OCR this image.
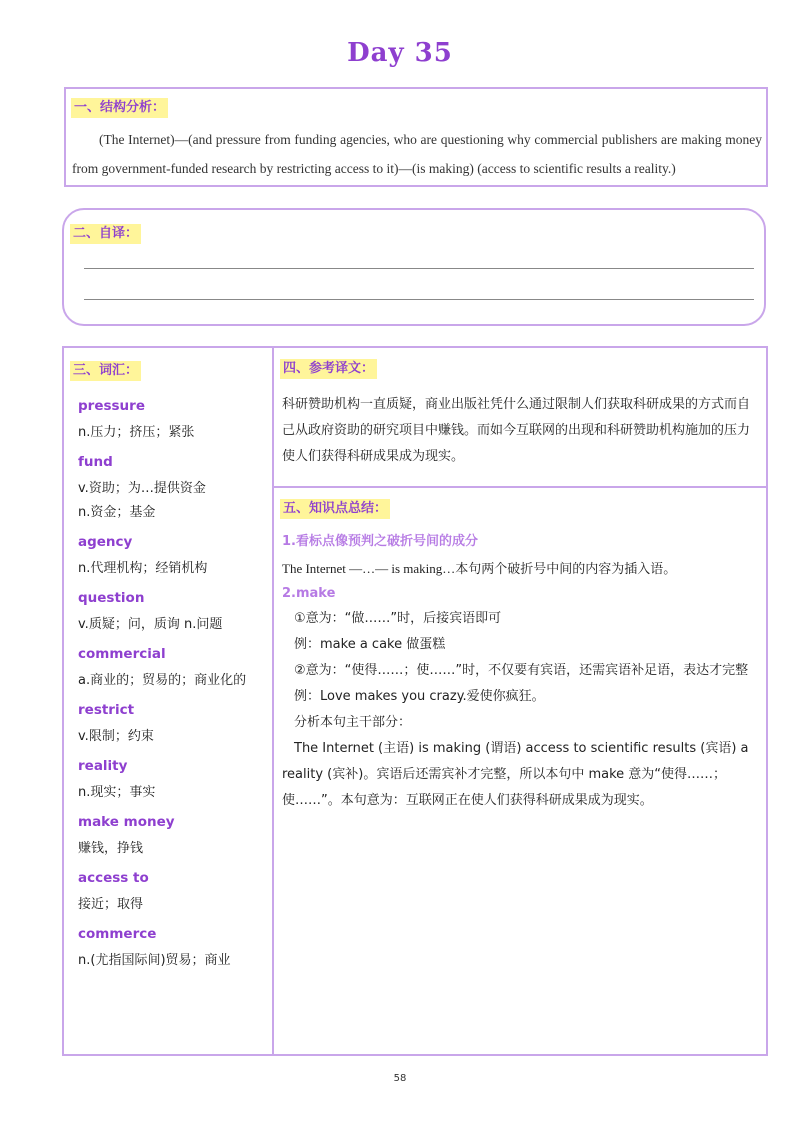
Day 35
一、结构分析：

(The Internet)—(and pressure from funding agencies, who are questioning why commercial publishers are making money from government-funded research by restricting access to it)—(is making) (access to scientific results a reality.)

二、自译：
三、词汇：
pressure
n.压力；挤压；紧张
fund
v.资助；为…提供资金
n.资金；基金
agency
n.代理机构；经销机构
question
v.质疑；问，质询 n.问题
commercial
a.商业的；贸易的；商业化的
restrict
v.限制；约束
reality
n.现实；事实
make money
赚钱，挣钱
access to
接近；取得
commerce
n.(尤指国际间)贸易；商业
四、参考译文：

科研赞助机构一直质疑，商业出版社凭什么通过限制人们获取科研成果的方式而自己从政府资助的研究项目中赚钱。而如今互联网的出现和科研赞助机构施加的压力使人们获得科研成果成为现实。

五、知识点总结：
1.看标点像预判之破折号间的成分
The Internet —…— is making…本句两个破折号中间的内容为插入语。
2.make
①意为：“做……”时，后接宾语即可
例：make a cake 做蛋糕
②意为：“使得……；使……”时，不仅要有宾语，还需宾语补足语，表达才完整
例：Love makes you crazy.爱使你疯狂。
分析本句主干部分：
The Internet (主语) is making (谓语) access to scientific results (宾语) a reality (宾补)。宾语后还需宾补才完整，所以本句中 make 意为“使得……；使……”。本句意为：互联网正在使人们获得科研成果成为现实。
58
